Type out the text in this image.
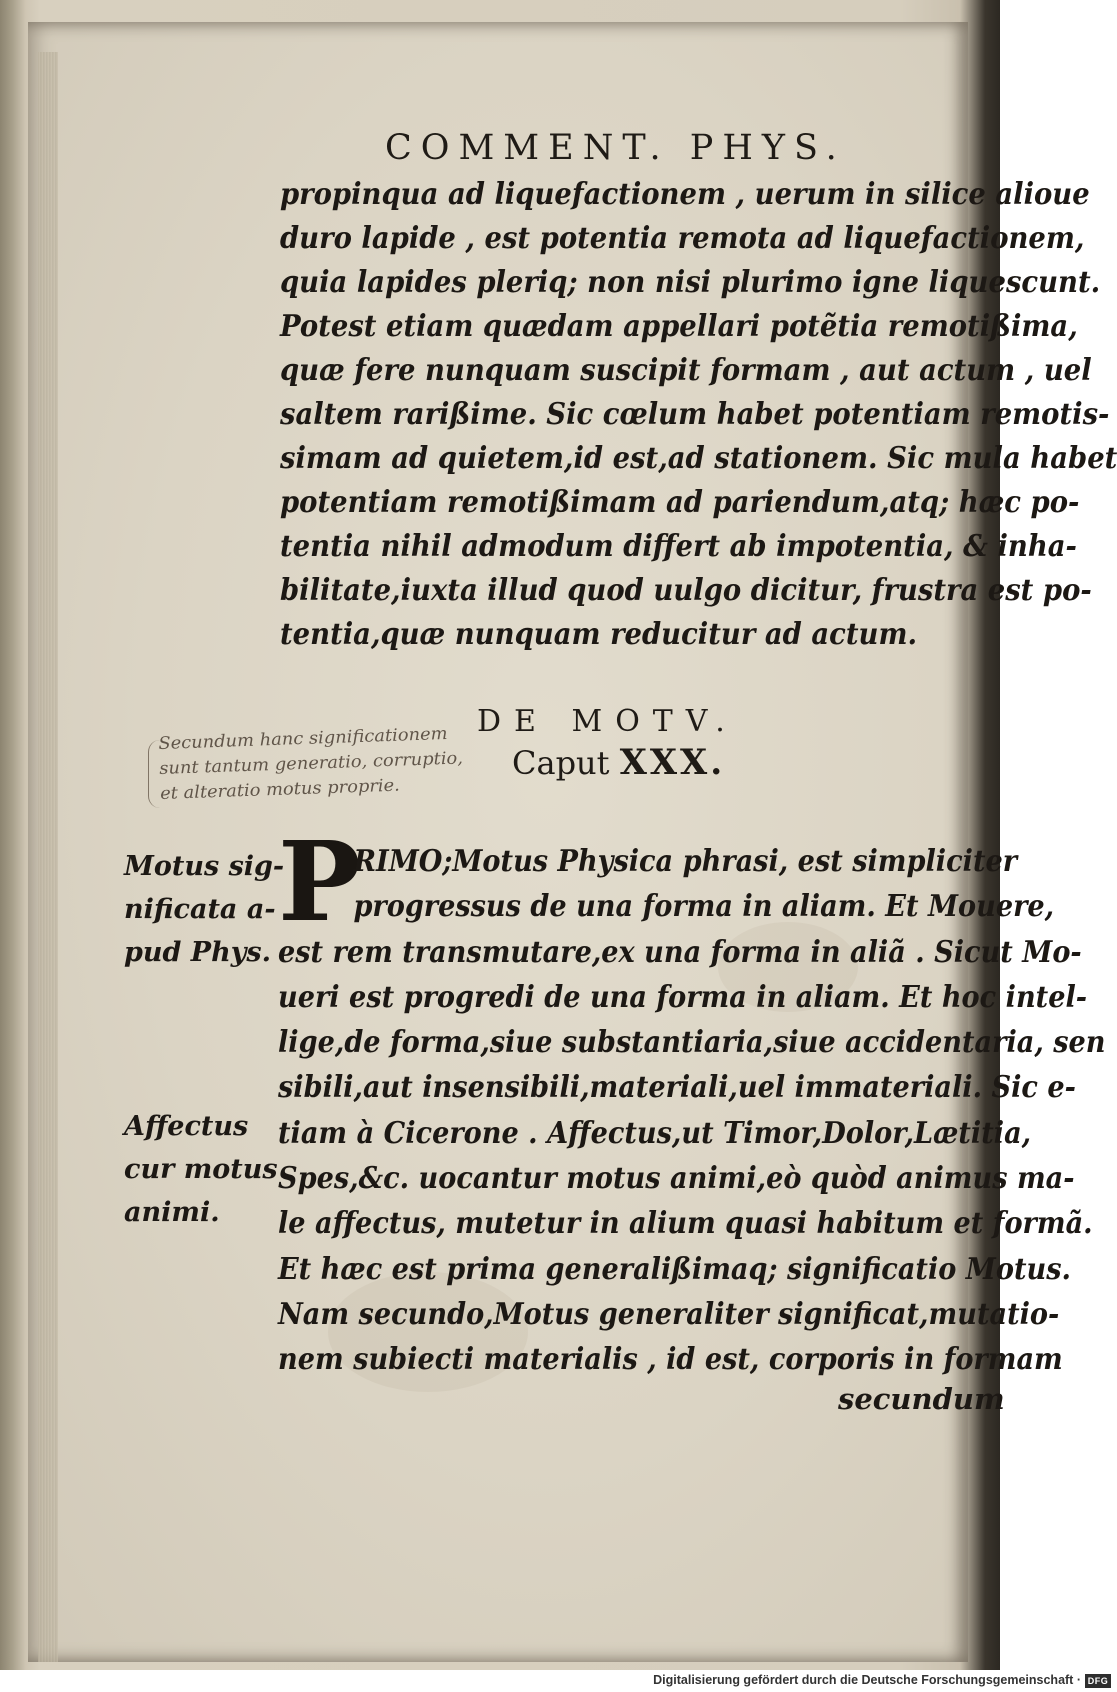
COMMENT. PHYS.
propinqua ad liquefactionem , uerum in silice alioue
duro lapide , est potentia remota ad liquefactionem,
quia lapides pleriq; non nisi plurimo igne liquescunt.
Potest etiam quædam appellari potẽtia remotißima,
quæ fere nunquam suscipit formam , aut actum , uel
saltem rarißime. Sic cœlum habet potentiam remotis-
simam ad quietem,id est,ad stationem. Sic mula habet
potentiam remotißimam ad pariendum,atq; hæc po-
tentia nihil admodum differt ab impotentia, & inha-
bilitate,iuxta illud quod uulgo dicitur, frustra est po-
tentia,quæ nunquam reducitur ad actum.
DE MOTV.
Caput XXX.
Secundum hanc significationem
sunt tantum generatio, corruptio,
et alteratio motus proprie.
Motus sig-
nificata a-
pud Phys.
Affectus
cur motus
animi.
P
RIMO;Motus Physica phrasi, est simpliciter
progressus de una forma in aliam. Et Mouere,
est rem transmutare,ex una forma in aliã . Sicut Mo-
ueri est progredi de una forma in aliam. Et hoc intel-
lige,de forma,siue substantiaria,siue accidentaria, sen
sibili,aut insensibili,materiali,uel immateriali. Sic e-
tiam à Cicerone . Affectus,ut Timor,Dolor,Lætitia,
Spes,&c. uocantur motus animi,eò quòd animus ma-
le affectus, mutetur in alium quasi habitum et formã.
Et hæc est prima generalißimaq; significatio Motus.
Nam secundo,Motus generaliter significat,mutatio-
nem subiecti materialis , id est, corporis in formam
secundum
Digitalisierung gefördert durch die Deutsche Forschungsgemeinschaft · DFG
